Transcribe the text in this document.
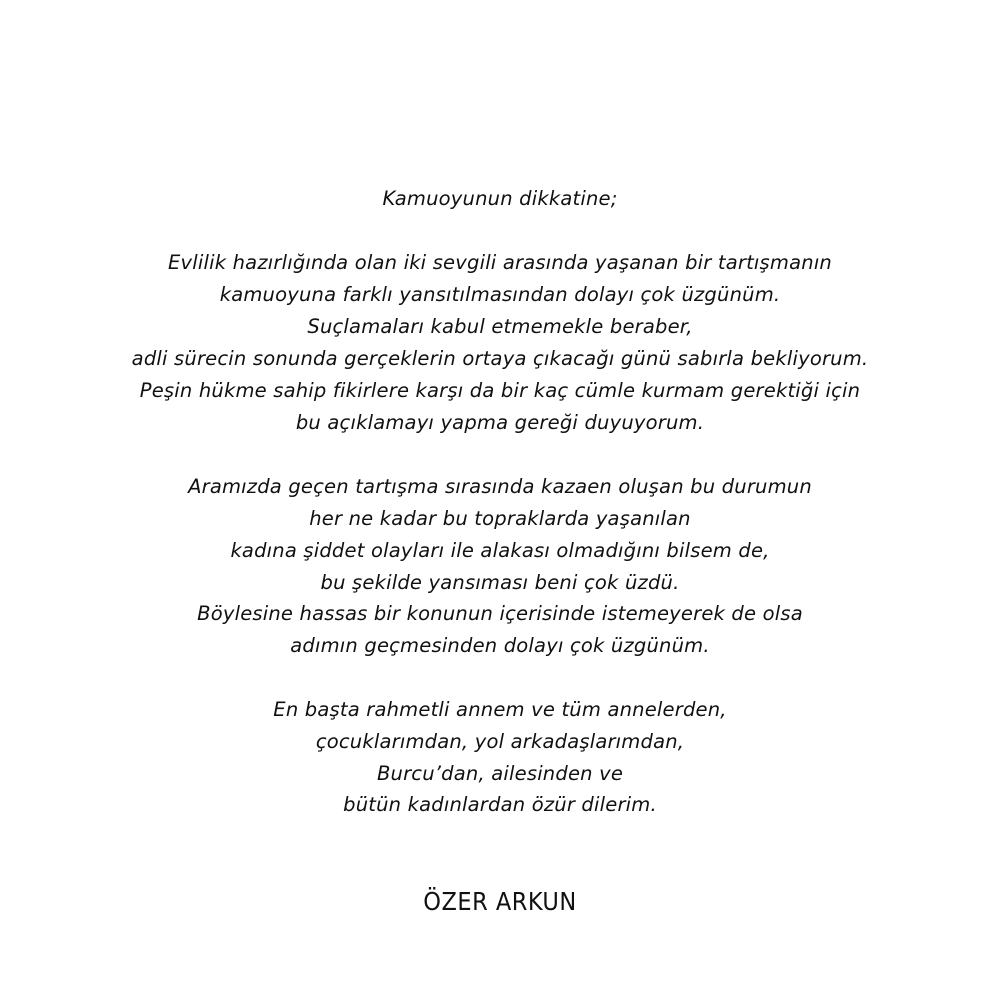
Kamuoyunun dikkatine;
Evlilik hazırlığında olan iki sevgili arasında yaşanan bir tartışmanın
kamuoyuna farklı yansıtılmasından dolayı çok üzgünüm.
Suçlamaları kabul etmemekle beraber,
adli sürecin sonunda gerçeklerin ortaya çıkacağı günü sabırla bekliyorum.
Peşin hükme sahip fikirlere karşı da bir kaç cümle kurmam gerektiği için
bu açıklamayı yapma gereği duyuyorum.
Aramızda geçen tartışma sırasında kazaen oluşan bu durumun
her ne kadar bu topraklarda yaşanılan
kadına şiddet olayları ile alakası olmadığını bilsem de,
bu şekilde yansıması beni çok üzdü.
Böylesine hassas bir konunun içerisinde istemeyerek de olsa
adımın geçmesinden dolayı çok üzgünüm.
En başta rahmetli annem ve tüm annelerden,
çocuklarımdan, yol arkadaşlarımdan,
Burcu’dan, ailesinden ve
bütün kadınlardan özür dilerim.
ÖZER ARKUN
